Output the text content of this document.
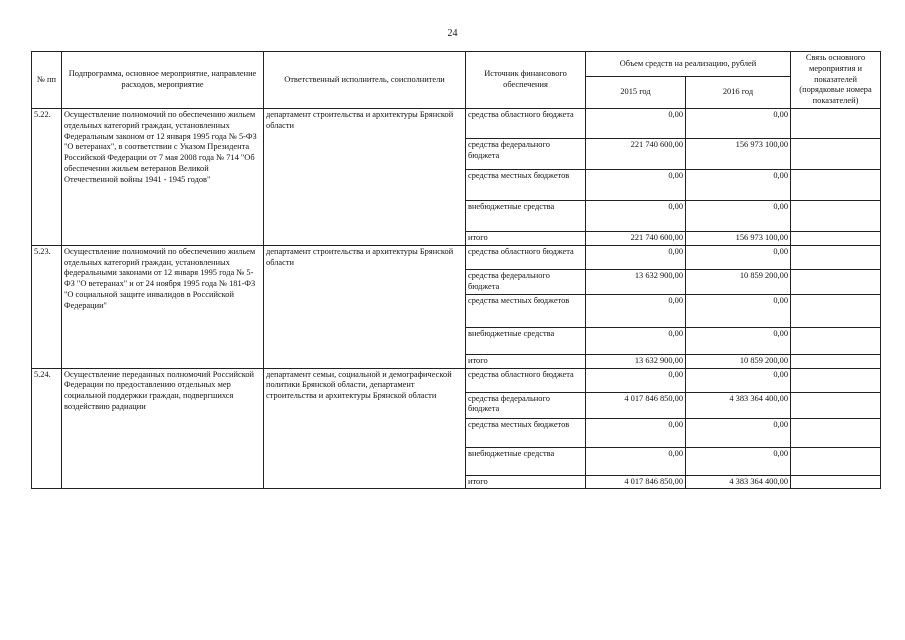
24
№ пп	Подпрограмма, основное мероприятие, направление расходов, мероприятие	Ответственный исполнитель, соисполнители	Источник финансового обеспечения	Объем средств на реализацию, рублей		Связь основного мероприятия и показателей (порядковые номера показателей)
				2015 год	2016 год	
5.22.	Осуществление полномочий по обеспечению жильем отдельных категорий граждан, установленных Федеральным законом от 12 января 1995 года № 5-ФЗ "О ветеранах", в соответствии с Указом Президента Российской Федерации от 7 мая 2008 года № 714 "Об обеспечении жильем ветеранов Великой Отечественной войны 1941 - 1945 годов"	департамент строительства и архитектуры Брянской области	средства областного бюджета	0,00	0,00	
			средства федерального бюджета	221 740 600,00	156 973 100,00	
			средства местных бюджетов	0,00	0,00	
			внебюджетные средства	0,00	0,00	
			итого	221 740 600,00	156 973 100,00	
5.23.	Осуществление полномочий по обеспечению жильем отдельных категорий граждан, установленных федеральными законами от 12 января 1995 года № 5-ФЗ "О ветеранах" и от 24 ноября 1995 года № 181-ФЗ "О социальной защите инвалидов в Российской Федерации"	департамент строительства и архитектуры Брянской области	средства областного бюджета	0,00	0,00	
			средства федерального бюджета	13 632 900,00	10 859 200,00	
			средства местных бюджетов	0,00	0,00	
			внебюджетные средства	0,00	0,00	
			итого	13 632 900,00	10 859 200,00	
5.24.	Осуществление переданных полномочий Российской Федерации по предоставлению отдельных мер социальной поддержки граждан, подвергшихся воздействию радиации	департамент семьи, социальной и демографической политики Брянской области, департамент строительства и архитектуры Брянской области	средства областного бюджета	0,00	0,00	
			средства федерального бюджета	4 017 846 850,00	4 383 364 400,00	
			средства местных бюджетов	0,00	0,00	
			внебюджетные средства	0,00	0,00	
			итого	4 017 846 850,00	4 383 364 400,00	
